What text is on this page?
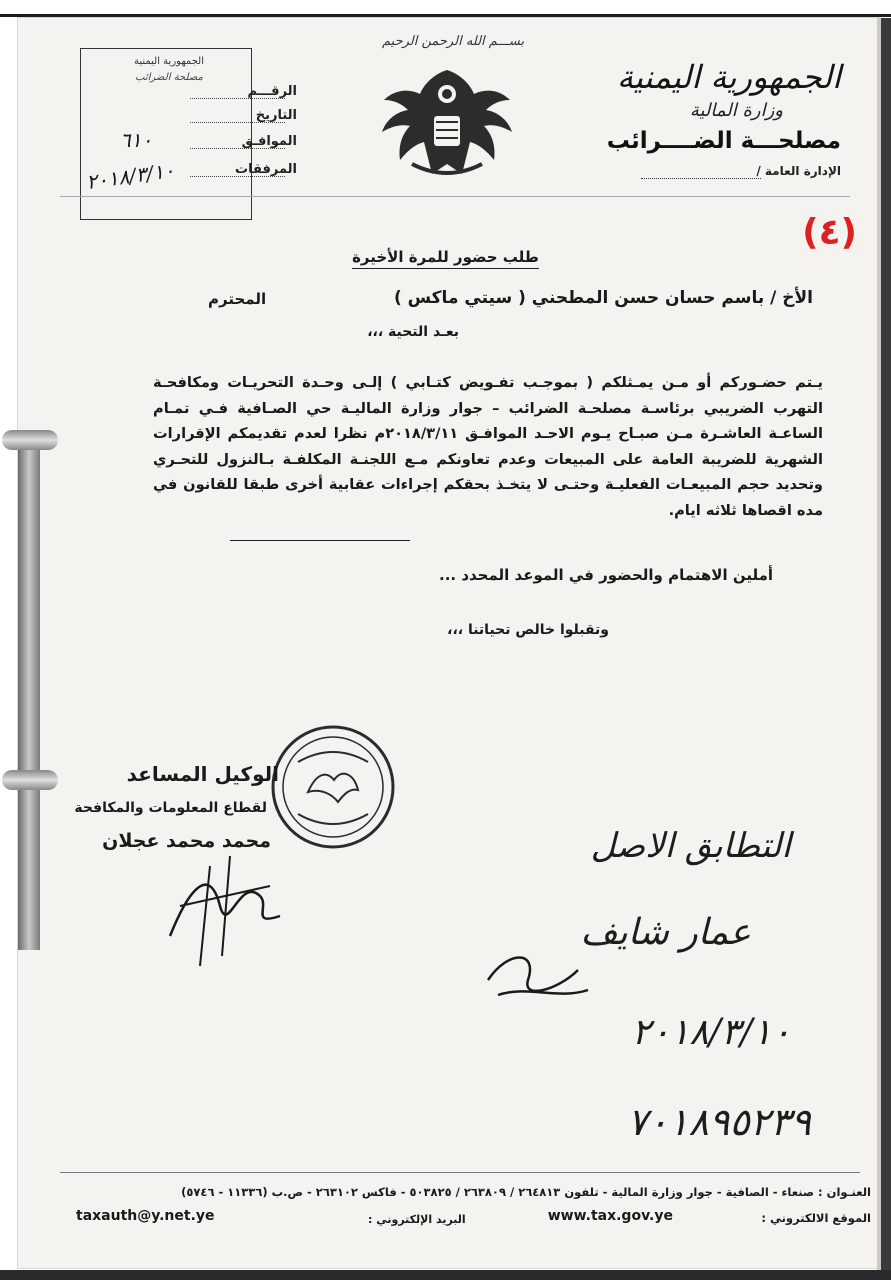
الجمهورية اليمنية
وزارة المالية
مصلحـــة الضــــرائب
الإدارة العامة /
بســـم الله الرحمن الرحيم
الجمهورية اليمنية
مصلحة الضرائب
الرقـــم
التاريخ
الموافـق
المرفقات
٦١٠
٢٠١٨/٣/١٠
(٤)
طلب حضور للمرة الأخيرة
الأخ / باسم حسان حسن المطحني ( سيتي ماكس )
المحترم
بعـد التحية ،،،
يـتم حضـوركم أو مـن يمـثلكم ( بموجـب تفـويض كتـابي ) إلـى وحـدة التحريـات ومكافحـة التهرب الضريبي برئاسـة مصلحـة الضرائب – جوار وزارة الماليـة حي الصـافية فـي تمـام الساعـة العاشـرة مـن صبـاح يـوم الاحـد الموافـق ٢٠١٨/٣/١١م نظرا لعدم تقديمكم الإقرارات الشهرية للضريبة العامة على المبيعات وعدم تعاونكم مـع اللجنـة المكلفـة بـالنزول للتحـري وتحديد حجم المبيعـات الفعليـة وحتـى لا يتخـذ بحقكم إجراءات عقابية أخرى طبقا للقانون في مده اقصاها ثلاثه ايام.
أملين الاهتمام والحضور في الموعد المحدد ...
وتقبلوا خالص تحياتنا ،،،
الوكيل المساعد
لقطاع المعلومات والمكافحة
محمد محمد عجلان	التطابق الاصل
عمار شايف
٢٠١٨/٣/١٠
٧٠١٨٩٥٢٣٩
العنـوان : صنعاء - الصافية - جوار وزارة المالية - تلفون ٢٦٤٨١٣ / ٢٦٣٨٠٩ / ٥٠٣٨٢٥ - فاكس ٢٦٣١٠٢ - ص.ب (١١٣٣٦ - ٥٧٤٦)
الموقع الالكتروني :
www.tax.gov.ye
البريد الإلكتروني :
taxauth@y.net.ye
